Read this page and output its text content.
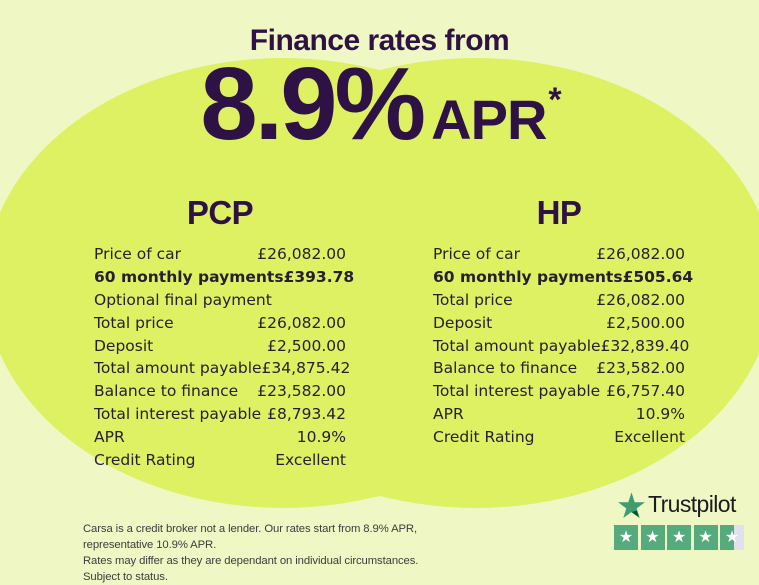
Finance rates from
8.9% APR*
PCP
Price of car	£26,082.00
60 monthly payments £393.78
Optional final payment
Total price	£26,082.00
Deposit	£2,500.00
Total amount payable £34,875.42
Balance to finance £23,582.00
Total interest payable £8,793.42
APR	10.9%
Credit Rating	Excellent
HP
Price of car	£26,082.00
60 monthly payments £505.64
Total price	£26,082.00
Deposit	£2,500.00
Total amount payable £32,839.40
Balance to finance £23,582.00
Total interest payable £6,757.40
APR	10.9%
Credit Rating	Excellent
Carsa is a credit broker not a lender. Our rates start from 8.9% APR, representative 10.9% APR.
Rates may differ as they are dependant on individual circumstances. Subject to status.
Trustpilot
★ ★ ★ ★ ★
